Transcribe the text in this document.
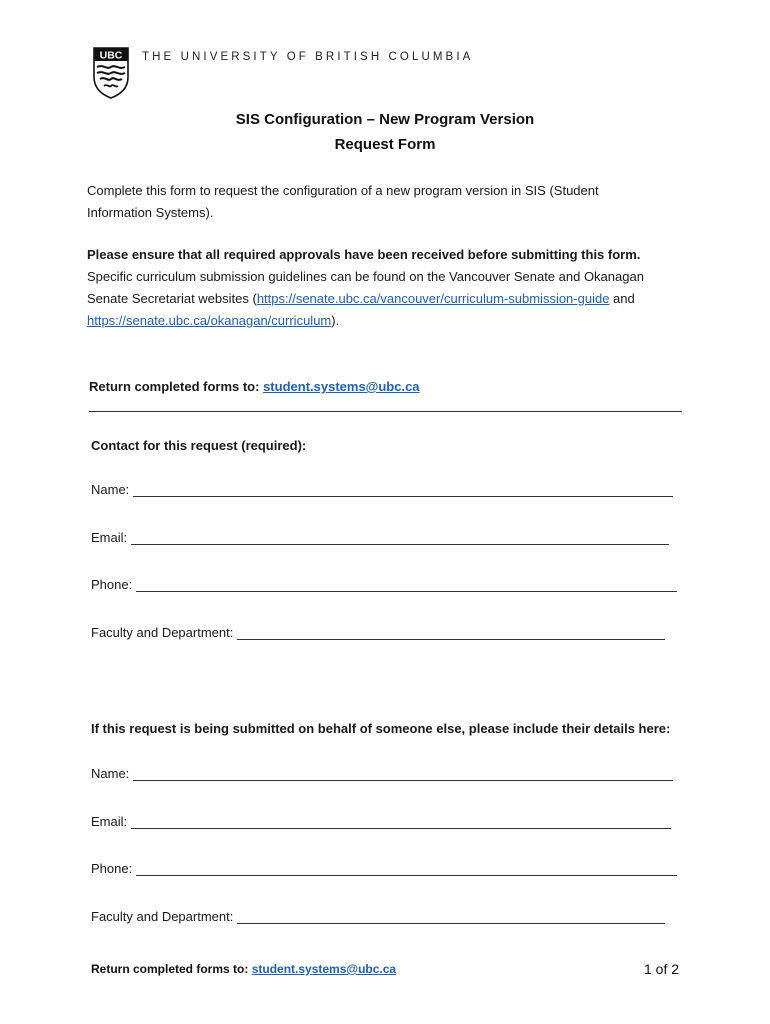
UBC THE UNIVERSITY OF BRITISH COLUMBIA
SIS Configuration – New Program Version
Request Form
Complete this form to request the configuration of a new program version in SIS (Student
Information Systems).
Please ensure that all required approvals have been received before submitting this form.
Specific curriculum submission guidelines can be found on the Vancouver Senate and Okanagan
Senate Secretariat websites (https://senate.ubc.ca/vancouver/curriculum-submission-guide and
https://senate.ubc.ca/okanagan/curriculum).
Return completed forms to: student.systems@ubc.ca
Contact for this request (required):
Name:
Email:
Phone:
Faculty and Department:
If this request is being submitted on behalf of someone else, please include their details here:
Name:
Email:
Phone:
Faculty and Department:
Return completed forms to: student.systems@ubc.ca	1 of 2
